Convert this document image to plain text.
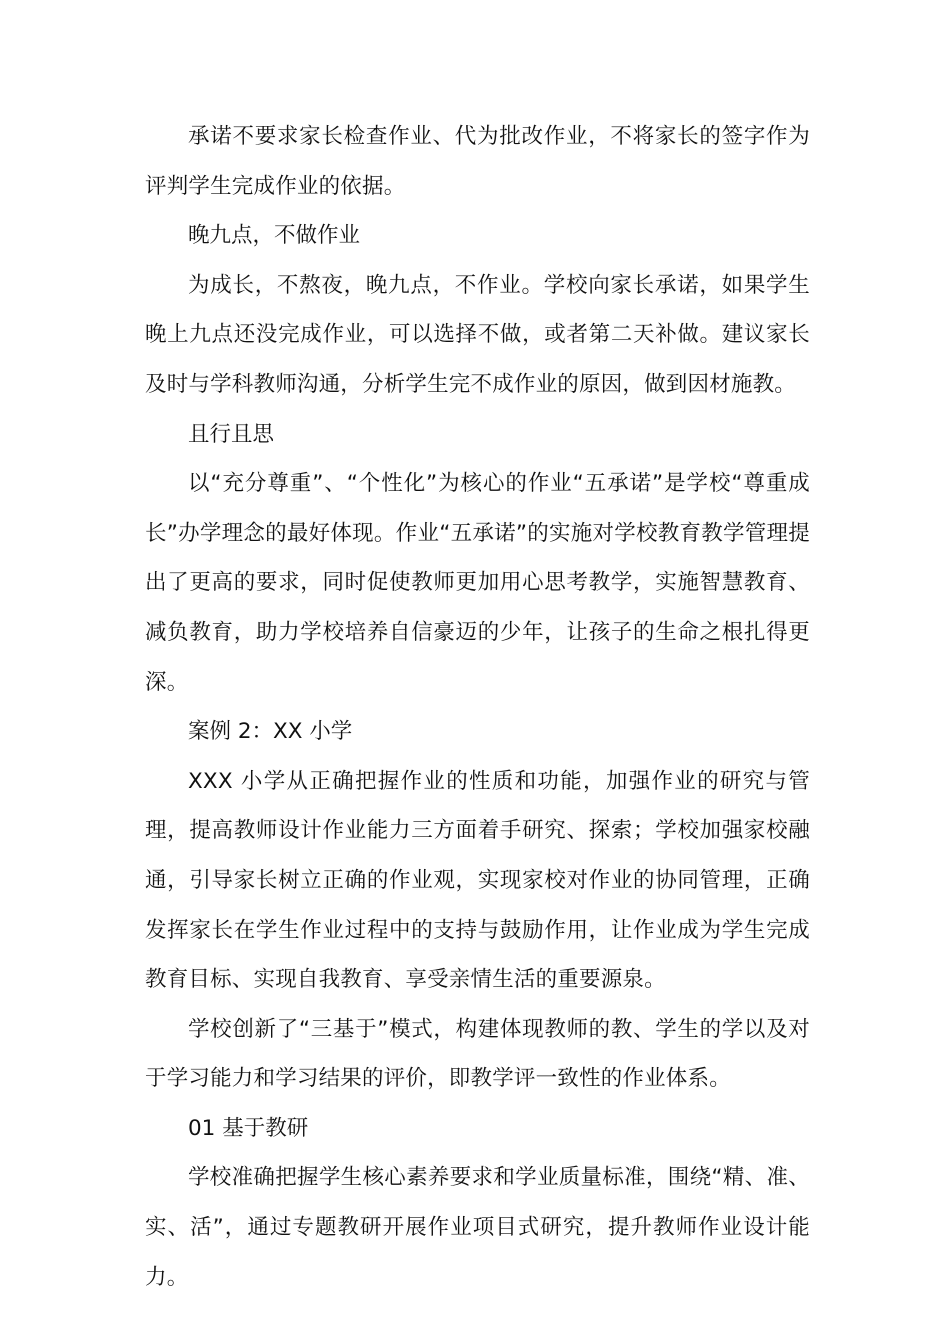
承诺不要求家长检查作业、代为批改作业，不将家长的签字作为评判学生完成作业的依据。

晚九点，不做作业

为成长，不熬夜，晚九点，不作业。学校向家长承诺，如果学生晚上九点还没完成作业，可以选择不做，或者第二天补做。建议家长及时与学科教师沟通，分析学生完不成作业的原因，做到因材施教。

且行且思

以“充分尊重”、“个性化”为核心的作业“五承诺”是学校“尊重成长”办学理念的最好体现。作业“五承诺”的实施对学校教育教学管理提出了更高的要求，同时促使教师更加用心思考教学，实施智慧教育、减负教育，助力学校培养自信豪迈的少年，让孩子的生命之根扎得更深。

案例 2：XX 小学

XXX 小学从正确把握作业的性质和功能，加强作业的研究与管理，提高教师设计作业能力三方面着手研究、探索；学校加强家校融通，引导家长树立正确的作业观，实现家校对作业的协同管理，正确发挥家长在学生作业过程中的支持与鼓励作用，让作业成为学生完成教育目标、实现自我教育、享受亲情生活的重要源泉。

学校创新了“三基于”模式，构建体现教师的教、学生的学以及对于学习能力和学习结果的评价，即教学评一致性的作业体系。

01 基于教研

学校准确把握学生核心素养要求和学业质量标准，围绕“精、准、实、活”，通过专题教研开展作业项目式研究，提升教师作业设计能力。
